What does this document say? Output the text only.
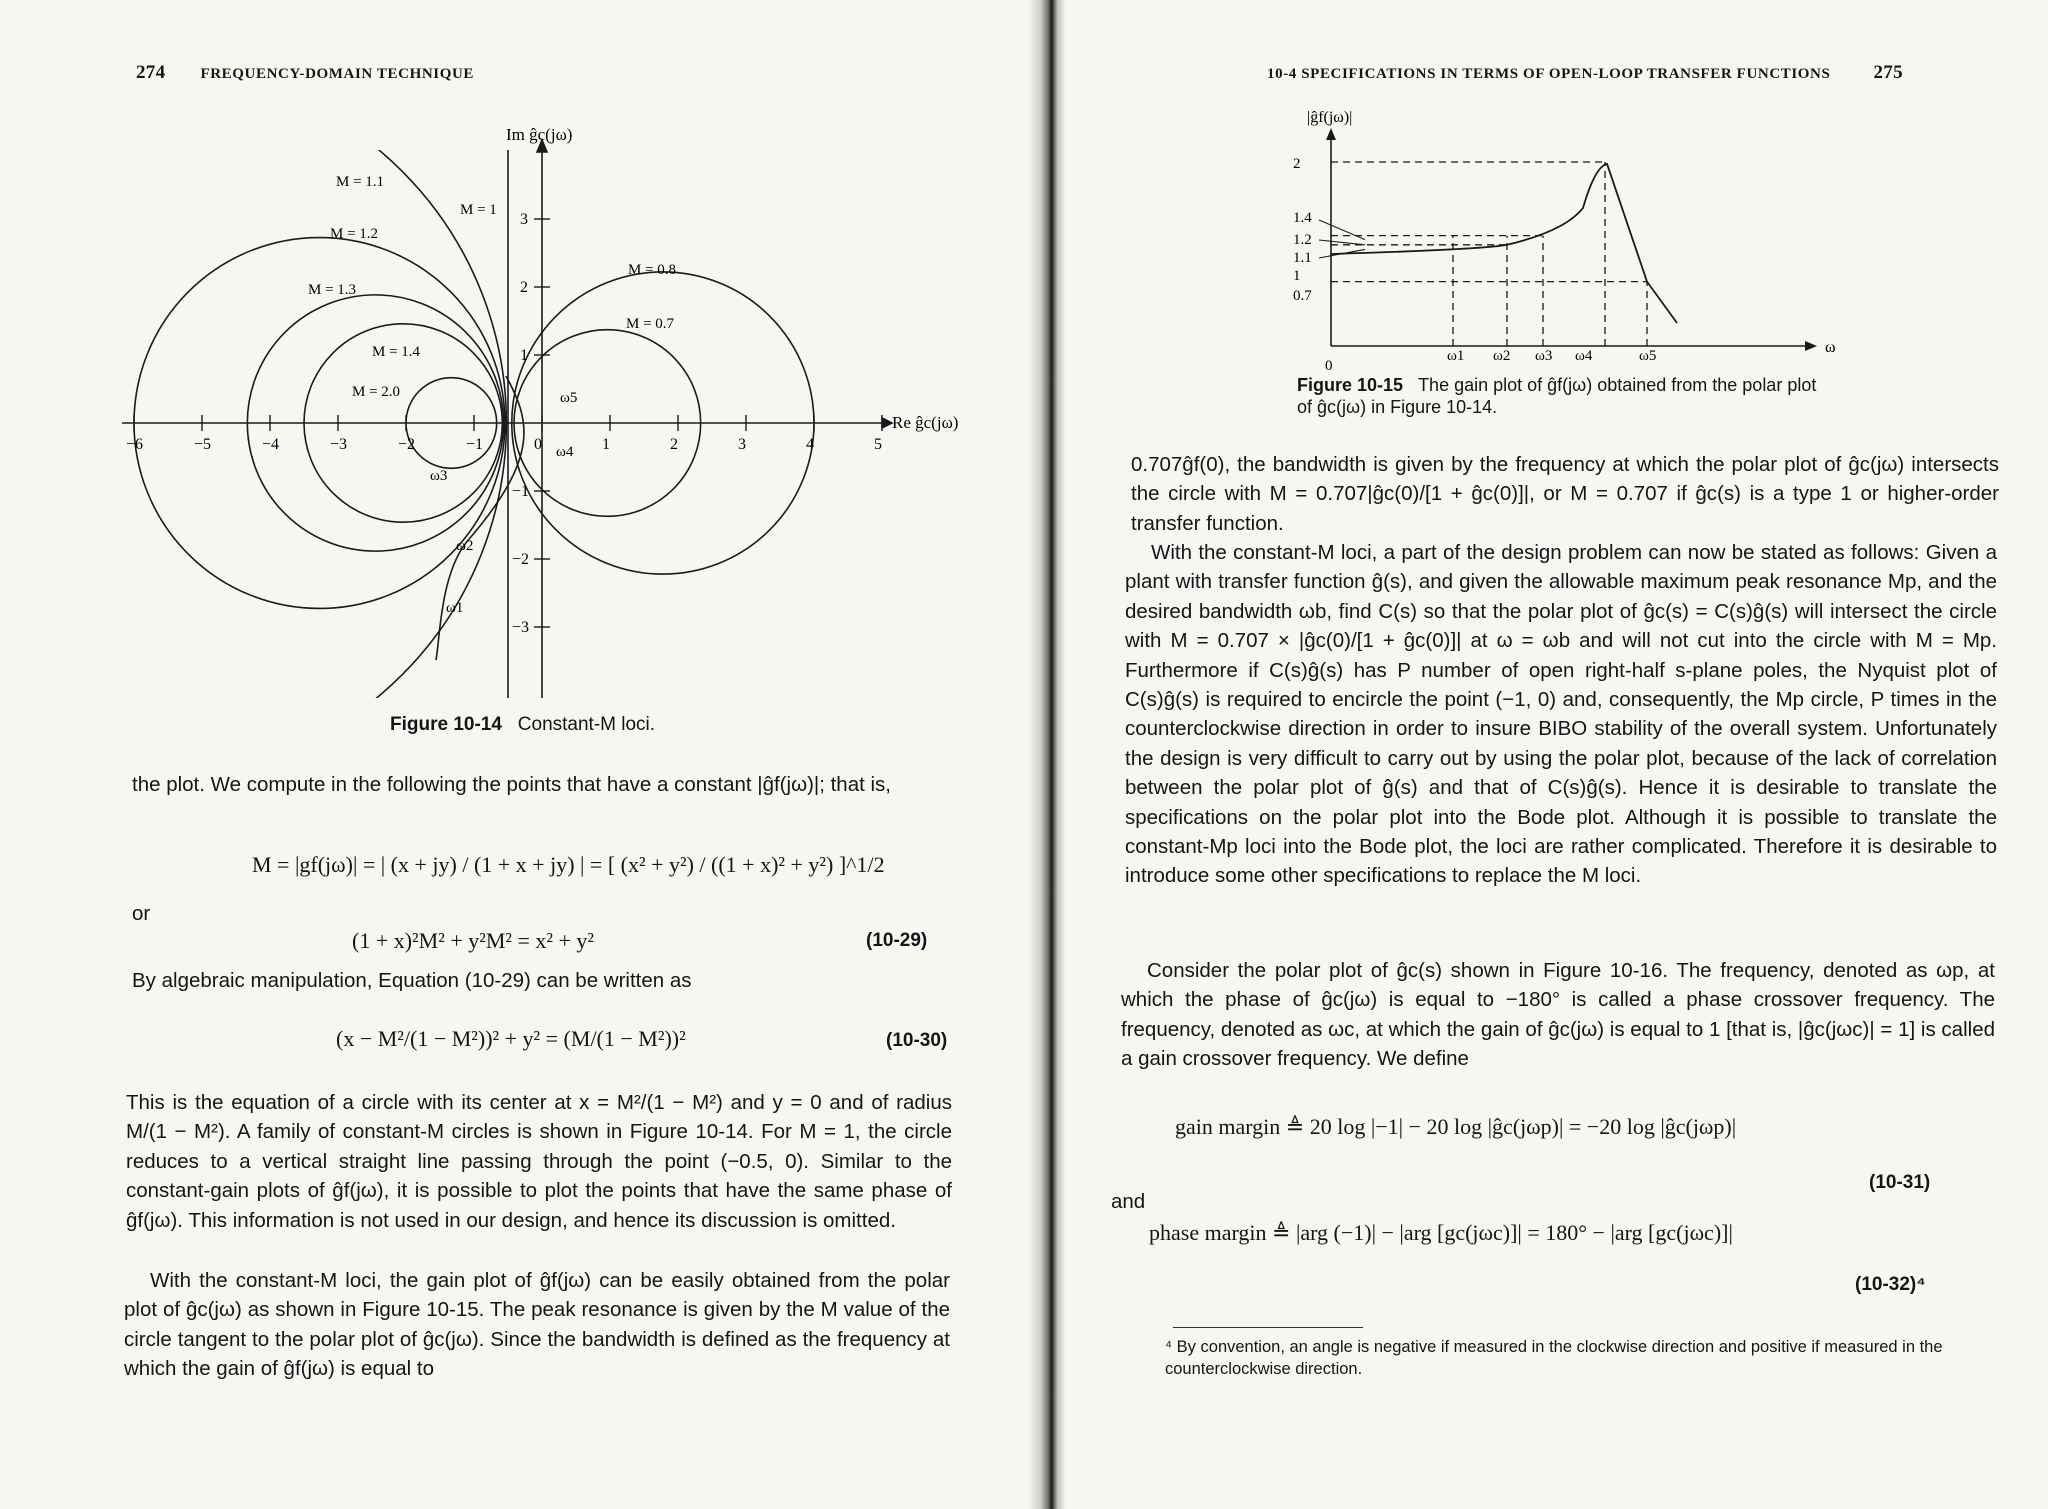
274 FREQUENCY-DOMAIN TECHNIQUE
−6	−5	−4	−3	−2	−1	0	1	2	3	4	5
3
2
1
−1
−2
−3
Im ĝc(jω)
Re ĝc(jω)
M = 1.1
M = 1
M = 1.2
M = 1.3
M = 1.4
M = 2.0
M = 0.8
M = 0.7
ω5
ω4
ω3
ω2
ω1
Figure 10-14 Constant-M loci.

the plot. We compute in the following the points that have a constant |ĝf(jω)|; that is,

M = |gf(jω)| = | (x + jy) / (1 + x + jy) | = [ (x² + y²) / ((1 + x)² + y²) ]^1/2
or
(1 + x)²M² + y²M² = x² + y²	(10-29)

By algebraic manipulation, Equation (10-29) can be written as

(x − M²/(1 − M²))² + y² = (M/(1 − M²))²	(10-30)

This is the equation of a circle with its center at x = M²/(1 − M²) and y = 0 and of radius M/(1 − M²). A family of constant-M circles is shown in Figure 10-14. For M = 1, the circle reduces to a vertical straight line passing through the point (−0.5, 0). Similar to the constant-gain plots of ĝf(jω), it is possible to plot the points that have the same phase of ĝf(jω). This information is not used in our design, and hence its discussion is omitted.

With the constant-M loci, the gain plot of ĝf(jω) can be easily obtained from the polar plot of ĝc(jω) as shown in Figure 10-15. The peak resonance is given by the M value of the circle tangent to the polar plot of ĝc(jω). Since the bandwidth is defined as the frequency at which the gain of ĝf(jω) is equal to

10-4 SPECIFICATIONS IN TERMS OF OPEN-LOOP TRANSFER FUNCTIONS 275
|ĝf(jω)|
ω
2
1.4
1.2
1.1
1
0.7
0
ω1 ω2 ω3 ω4	ω5
Figure 10-15 The gain plot of ĝf(jω) obtained from the polar plot of ĝc(jω) in Figure 10-14.

0.707ĝf(0), the bandwidth is given by the frequency at which the polar plot of ĝc(jω) intersects the circle with M = 0.707|ĝc(0)/[1 + ĝc(0)]|, or M = 0.707 if ĝc(s) is a type 1 or higher-order transfer function.

With the constant-M loci, a part of the design problem can now be stated as follows: Given a plant with transfer function ĝ(s), and given the allowable maximum peak resonance Mp, and the desired bandwidth ωb, find C(s) so that the polar plot of ĝc(s) = C(s)ĝ(s) will intersect the circle with M = 0.707 × |ĝc(0)/[1 + ĝc(0)]| at ω = ωb and will not cut into the circle with M = Mp. Furthermore if C(s)ĝ(s) has P number of open right-half s-plane poles, the Nyquist plot of C(s)ĝ(s) is required to encircle the point (−1, 0) and, consequently, the Mp circle, P times in the counterclockwise direction in order to insure BIBO stability of the overall system. Unfortunately the design is very difficult to carry out by using the polar plot, because of the lack of correlation between the polar plot of ĝ(s) and that of C(s)ĝ(s). Hence it is desirable to translate the specifications on the polar plot into the Bode plot. Although it is possible to translate the constant-Mp loci into the Bode plot, the loci are rather complicated. Therefore it is desirable to introduce some other specifications to replace the M loci.

Consider the polar plot of ĝc(s) shown in Figure 10-16. The frequency, denoted as ωp, at which the phase of ĝc(jω) is equal to −180° is called a phase crossover frequency. The frequency, denoted as ωc, at which the gain of ĝc(jω) is equal to 1 [that is, |ĝc(jωc)| = 1] is called a gain crossover frequency. We define

gain margin ≜ 20 log |−1| − 20 log |ĝc(jωp)| = −20 log |ĝc(jωp)|
(10-31)
and
phase margin ≜ |arg (−1)| − |arg [gc(jωc)]| = 180° − |arg [gc(jωc)]|
(10-32)⁴
⁴ By convention, an angle is negative if measured in the clockwise direction and positive if measured in the counterclockwise direction.
